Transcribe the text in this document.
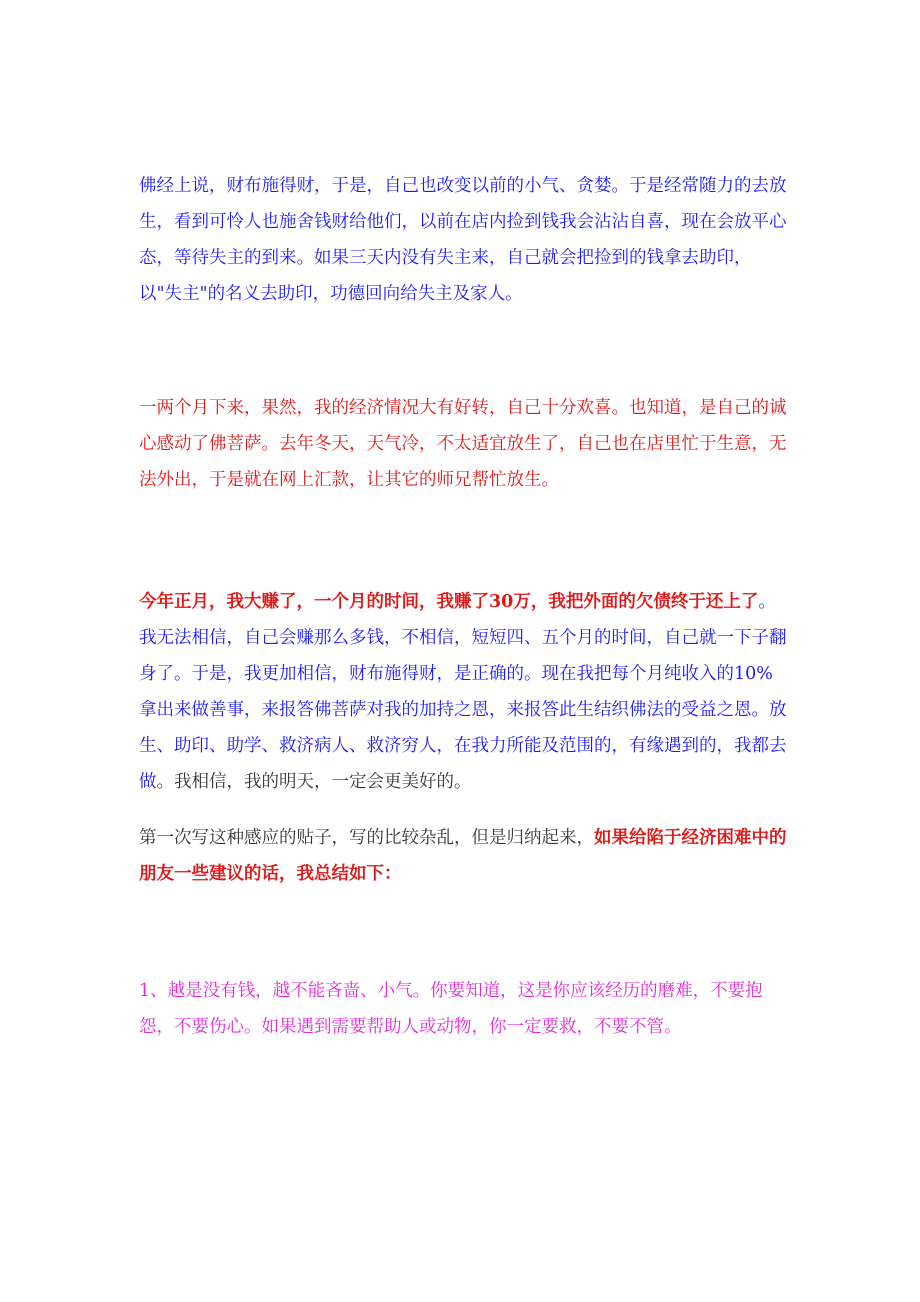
佛经上说，财布施得财，于是，自己也改变以前的小气、贪婪。于是经常随力的去放生，看到可怜人也施舍钱财给他们，以前在店内捡到钱我会沾沾自喜，现在会放平心态，等待失主的到来。如果三天内没有失主来，自己就会把捡到的钱拿去助印，以"失主"的名义去助印，功德回向给失主及家人。

一两个月下来，果然，我的经济情况大有好转，自己十分欢喜。也知道，是自己的诚心感动了佛菩萨。去年冬天，天气冷，不太适宜放生了，自己也在店里忙于生意，无法外出，于是就在网上汇款，让其它的师兄帮忙放生。

今年正月，我大赚了，一个月的时间，我赚了30万，我把外面的欠债终于还上了。我无法相信，自己会赚那么多钱，不相信，短短四、五个月的时间，自己就一下子翻身了。于是，我更加相信，财布施得财，是正确的。现在我把每个月纯收入的10%拿出来做善事，来报答佛菩萨对我的加持之恩，来报答此生结织佛法的受益之恩。放生、助印、助学、救济病人、救济穷人，在我力所能及范围的，有缘遇到的，我都去做。我相信，我的明天，一定会更美好的。

第一次写这种感应的贴子，写的比较杂乱，但是归纳起来，如果给陷于经济困难中的朋友一些建议的话，我总结如下：

1、越是没有钱，越不能吝啬、小气。你要知道，这是你应该经历的磨难，不要抱怨，不要伤心。如果遇到需要帮助人或动物，你一定要救，不要不管。
